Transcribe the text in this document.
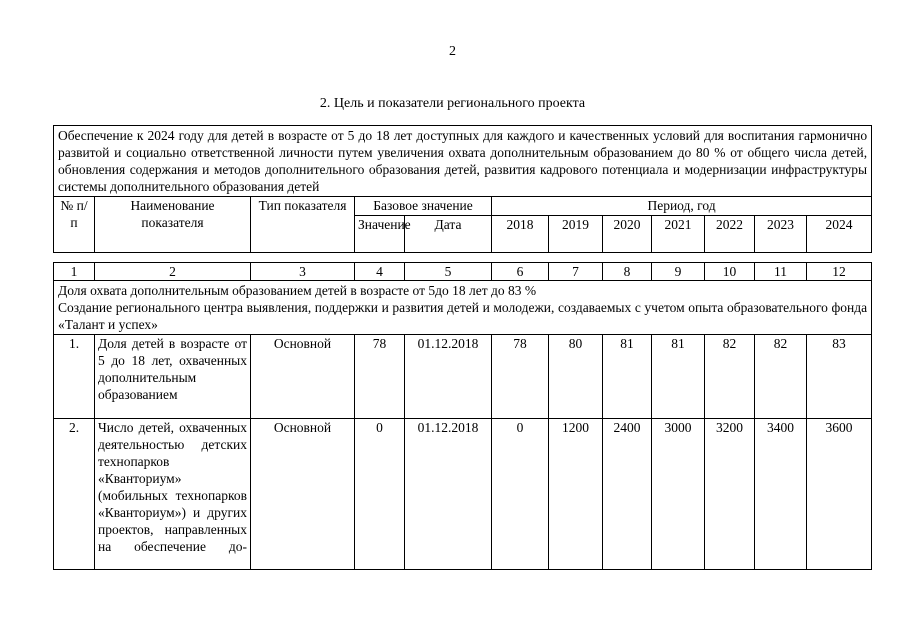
2
2. Цель и показатели регионального проекта
Обеспечение к 2024 году для детей в возрасте от 5 до 18 лет доступных для каждого и качественных условий для воспитания гармонично развитой и социально ответственной личности путем увеличения охвата дополнительным образованием до 80 % от общего числа детей, обновления содержания и методов дополнительного образования детей, развития кадрового потенциала и модернизации инфраструктуры системы дополнительного образования детей											
№ п/п	Наименование показателя	Тип показателя	Базовое значение		Период, год						
			Значение	Дата	2018	2019	2020	2021	2022	2023	2024

1	2	3	4	5	6	7	8	9	10	11	12

Доля охвата дополнительным образованием детей в возрасте от 5до 18 лет до 83 %
Создание регионального центра выявления, поддержки и развития детей и молодежи, создаваемых с учетом опыта образовательного фонда «Талант и успех»											

1.	Доля детей в возрасте от 5 до 18 лет, охваченных дополнительным образованием	Основной	78	01.12.2018	78	80	81	81	82	82	83
2.	Число детей, охваченных деятельностью детских технопарков «Кванториум» (мобильных технопарков «Кванториум») и других проектов, направленных на обеспечение до-	Основной	0	01.12.2018	0	1200	2400	3000	3200	3400	3600
